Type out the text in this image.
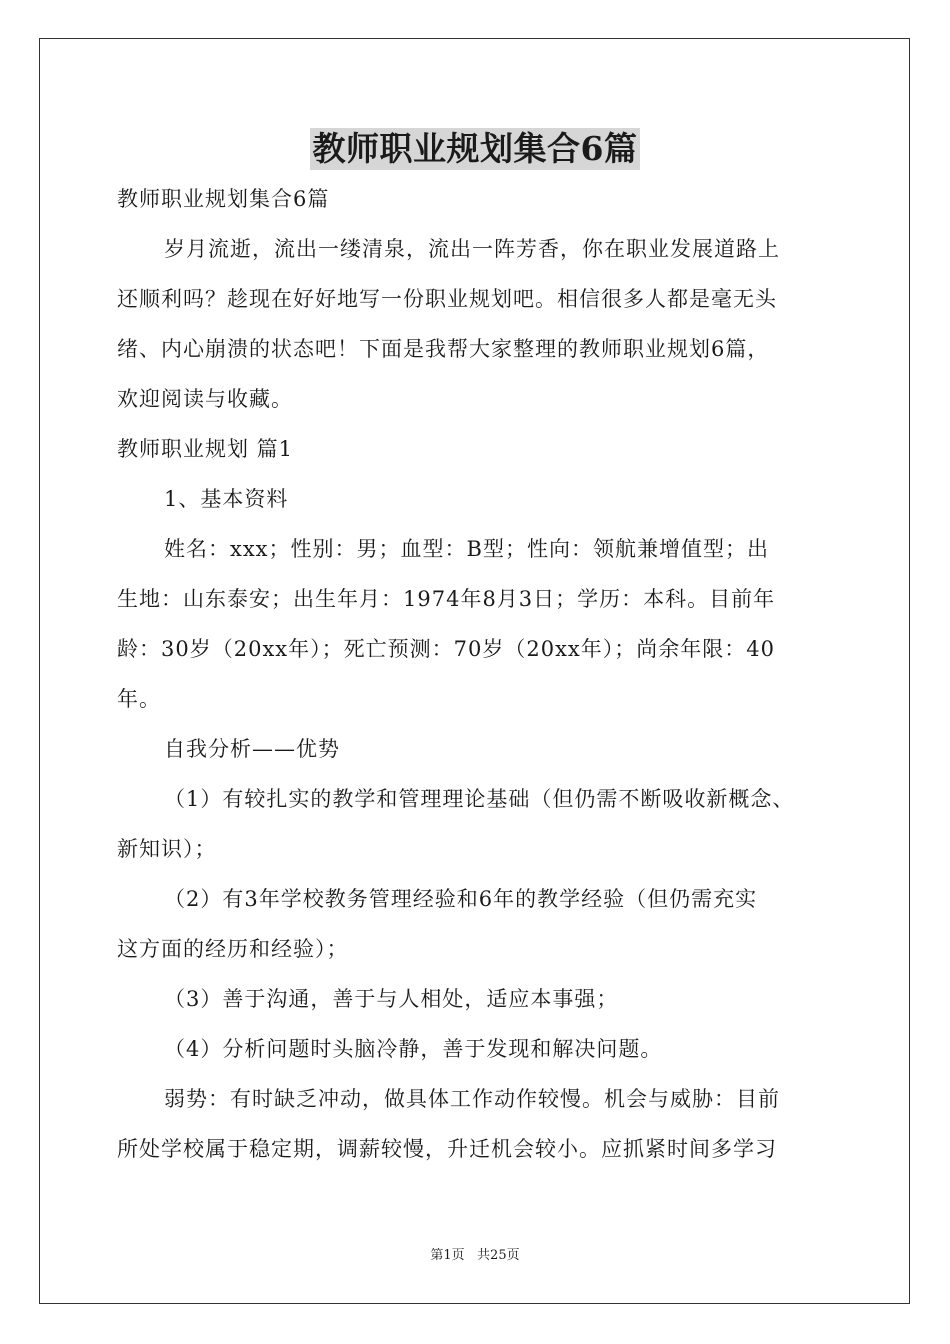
教师职业规划集合6篇
教师职业规划集合6篇
岁月流逝，流出一缕清泉，流出一阵芳香，你在职业发展道路上
还顺利吗？趁现在好好地写一份职业规划吧。相信很多人都是毫无头
绪、内心崩溃的状态吧！下面是我帮大家整理的教师职业规划6篇，
欢迎阅读与收藏。
教师职业规划 篇1
1、基本资料
姓名：xxx；性别：男；血型：B型；性向：领航兼增值型；出
生地：山东泰安；出生年月：1974年8月3日；学历：本科。目前年
龄：30岁（20xx年）；死亡预测：70岁（20xx年）；尚余年限：40
年。
自我分析——优势
（1）有较扎实的教学和管理理论基础（但仍需不断吸收新概念、
新知识）；
（2）有3年学校教务管理经验和6年的教学经验（但仍需充实
这方面的经历和经验）；
（3）善于沟通，善于与人相处，适应本事强；
（4）分析问题时头脑冷静，善于发现和解决问题。
弱势：有时缺乏冲动，做具体工作动作较慢。机会与威胁：目前
所处学校属于稳定期，调薪较慢，升迁机会较小。应抓紧时间多学习
第1页   共25页
